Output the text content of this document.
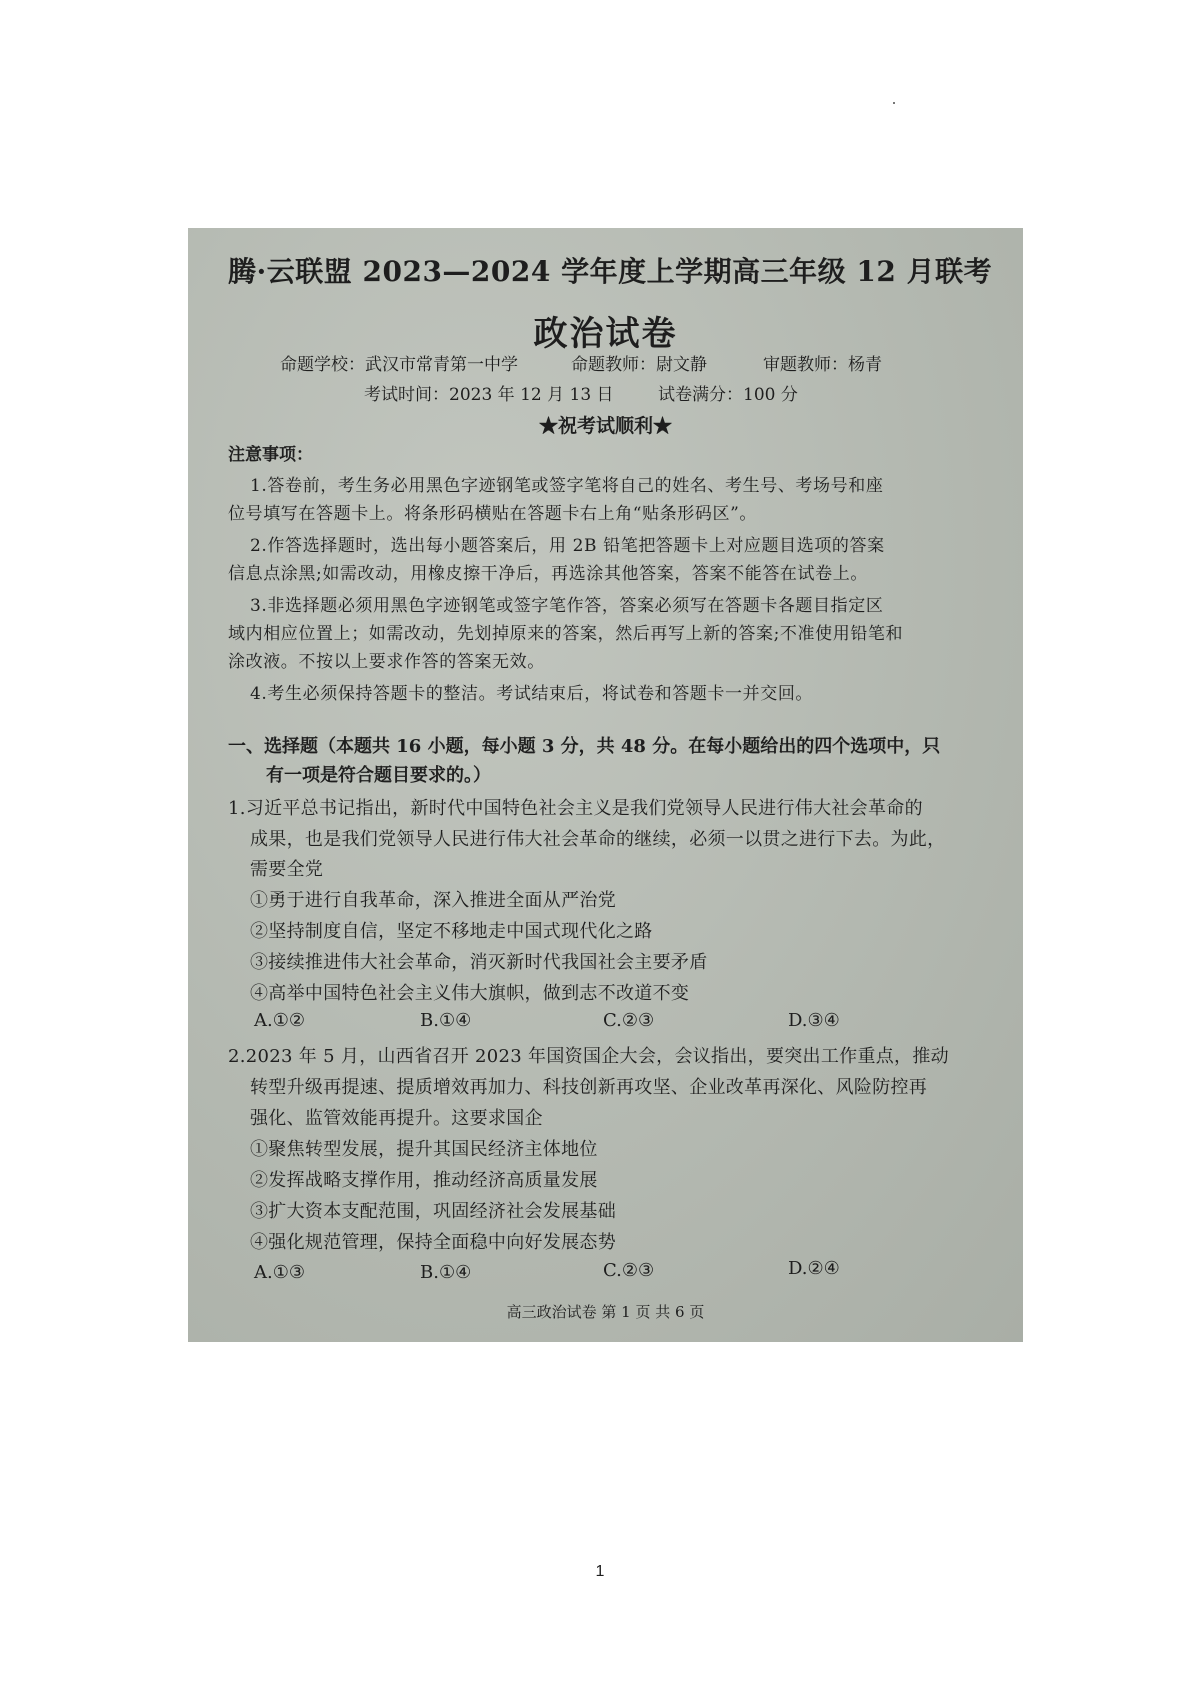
腾·云联盟 2023—2024 学年度上学期高三年级 12 月联考
政治试卷
命题学校：武汉市常青第一中学	命题教师：尉文静	审题教师：杨青
考试时间：2023 年 12 月 13 日	试卷满分：100 分
★祝考试顺利★
注意事项：
1.答卷前，考生务必用黑色字迹钢笔或签字笔将自己的姓名、考生号、考场号和座
位号填写在答题卡上。将条形码横贴在答题卡右上角“贴条形码区”。
2.作答选择题时，选出每小题答案后，用 2B 铅笔把答题卡上对应题目选项的答案
信息点涂黑;如需改动，用橡皮擦干净后，再选涂其他答案，答案不能答在试卷上。
3.非选择题必须用黑色字迹钢笔或签字笔作答，答案必须写在答题卡各题目指定区
域内相应位置上；如需改动，先划掉原来的答案，然后再写上新的答案;不准使用铅笔和
涂改液。不按以上要求作答的答案无效。
4.考生必须保持答题卡的整洁。考试结束后，将试卷和答题卡一并交回。
一、选择题（本题共 16 小题，每小题 3 分，共 48 分。在每小题给出的四个选项中，只
有一项是符合题目要求的。）
1.习近平总书记指出，新时代中国特色社会主义是我们党领导人民进行伟大社会革命的
成果，也是我们党领导人民进行伟大社会革命的继续，必须一以贯之进行下去。为此，
需要全党
①勇于进行自我革命，深入推进全面从严治党
②坚持制度自信，坚定不移地走中国式现代化之路
③接续推进伟大社会革命，消灭新时代我国社会主要矛盾
④高举中国特色社会主义伟大旗帜，做到志不改道不变
A.①②	B.①④	C.②③	D.③④
2.2023 年 5 月，山西省召开 2023 年国资国企大会，会议指出，要突出工作重点，推动
转型升级再提速、提质增效再加力、科技创新再攻坚、企业改革再深化、风险防控再
强化、监管效能再提升。这要求国企
①聚焦转型发展，提升其国民经济主体地位
②发挥战略支撑作用，推动经济高质量发展
③扩大资本支配范围，巩固经济社会发展基础
④强化规范管理，保持全面稳中向好发展态势
A.①③	B.①④	C.②③	D.②④
高三政治试卷 第 1 页 共 6 页
1
